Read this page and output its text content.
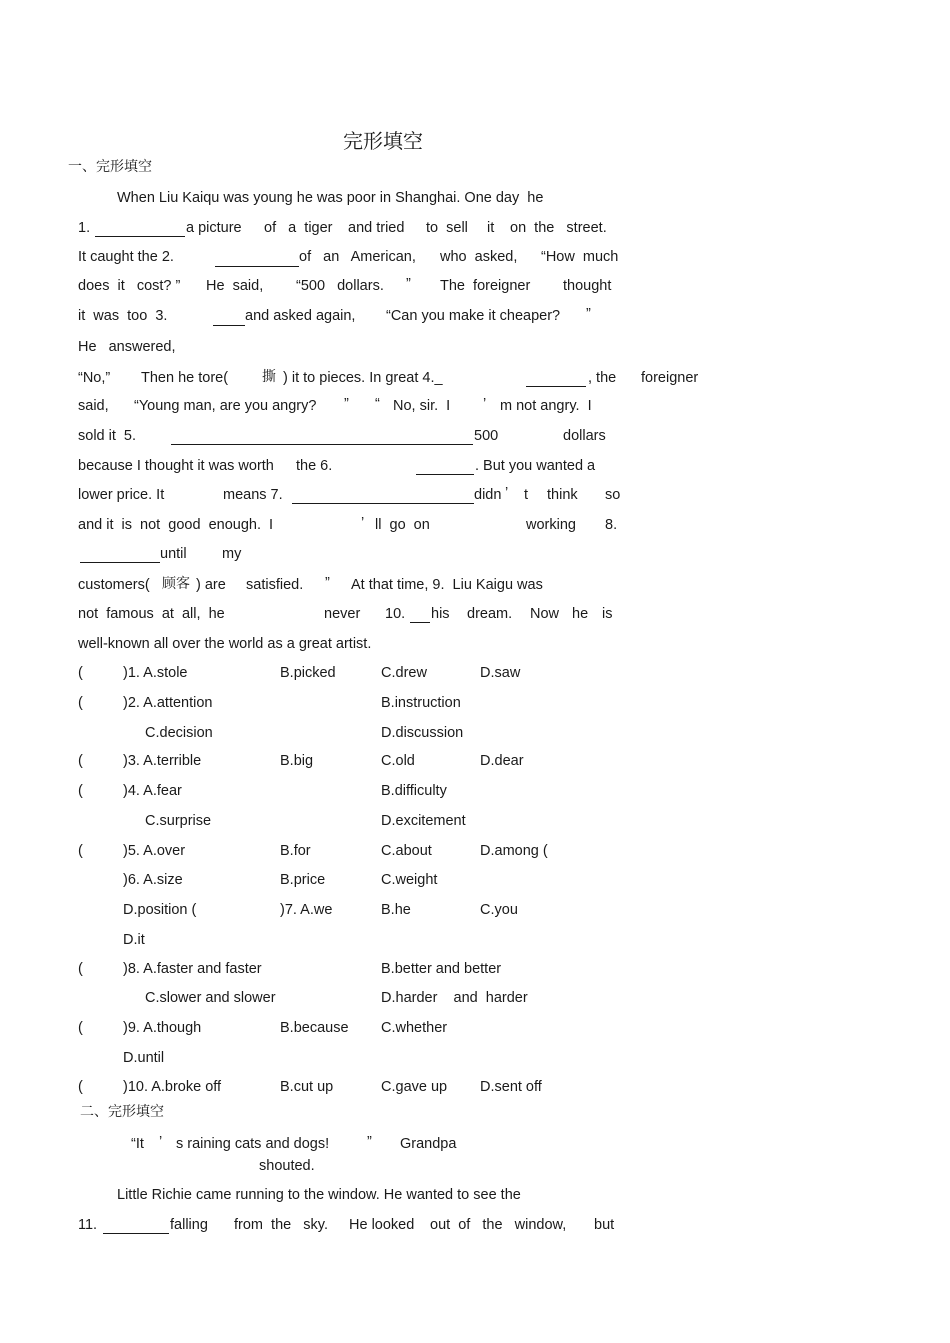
完形填空
一、完形填空
When Liu Kaiqu was young he was poor in Shanghai. One day  he
1.	a picture of   a  tiger and tried to  sell it on  the   street.
It caught the 2.	of   an   American, who  asked, “How  much
does  it   cost? ” He  said, “500   dollars. ” The  foreigner thought
it  was  too  3.	and asked again, “Can you make it cheaper? ”
He   answered,
“No,” Then he tore( 撕 ) it to pieces. In great 4._	, the foreigner
said, “Young man, are you angry? ” “ No, sir.  I ’ m not angry.  I
sold it  5.	500	dollars
because I thought it was worth the 6.	. But you wanted a
lower price. It	means 7.	didn ’ t think so
and it  is  not  good  enough.  I	’ ll  go  on	working 8.
until my
customers( 顾客 ) are satisfied. ” At that time, 9.  Liu Kaigu was
not  famous  at  all,  he	never 10. his dream. Now he is
well-known all over the world as a great artist.
(	)1. A.stole	B.picked	C.drew	D.saw
(	)2. A.attention	B.instruction
C.decision	D.discussion
(	)3. A.terrible	B.big	C.old	D.dear
(	)4. A.fear	B.difficulty
C.surprise	D.excitement
(	)5. A.over	B.for	C.about	D.among (
)6. A.size	B.price	C.weight
D.position (	)7. A.we	B.he	C.you
D.it
(	)8. A.faster and faster	B.better and better
C.slower and slower	D.harder    and  harder
(	)9. A.though	B.because C.whether
D.until
(	)10. A.broke off	B.cut up	C.gave up D.sent off
二、完形填空
“It ’ s raining cats and dogs!	” Grandpa
shouted.
Little Richie came running to the window. He wanted to see the
11.	falling from  the   sky. He looked out  of   the   window, but
